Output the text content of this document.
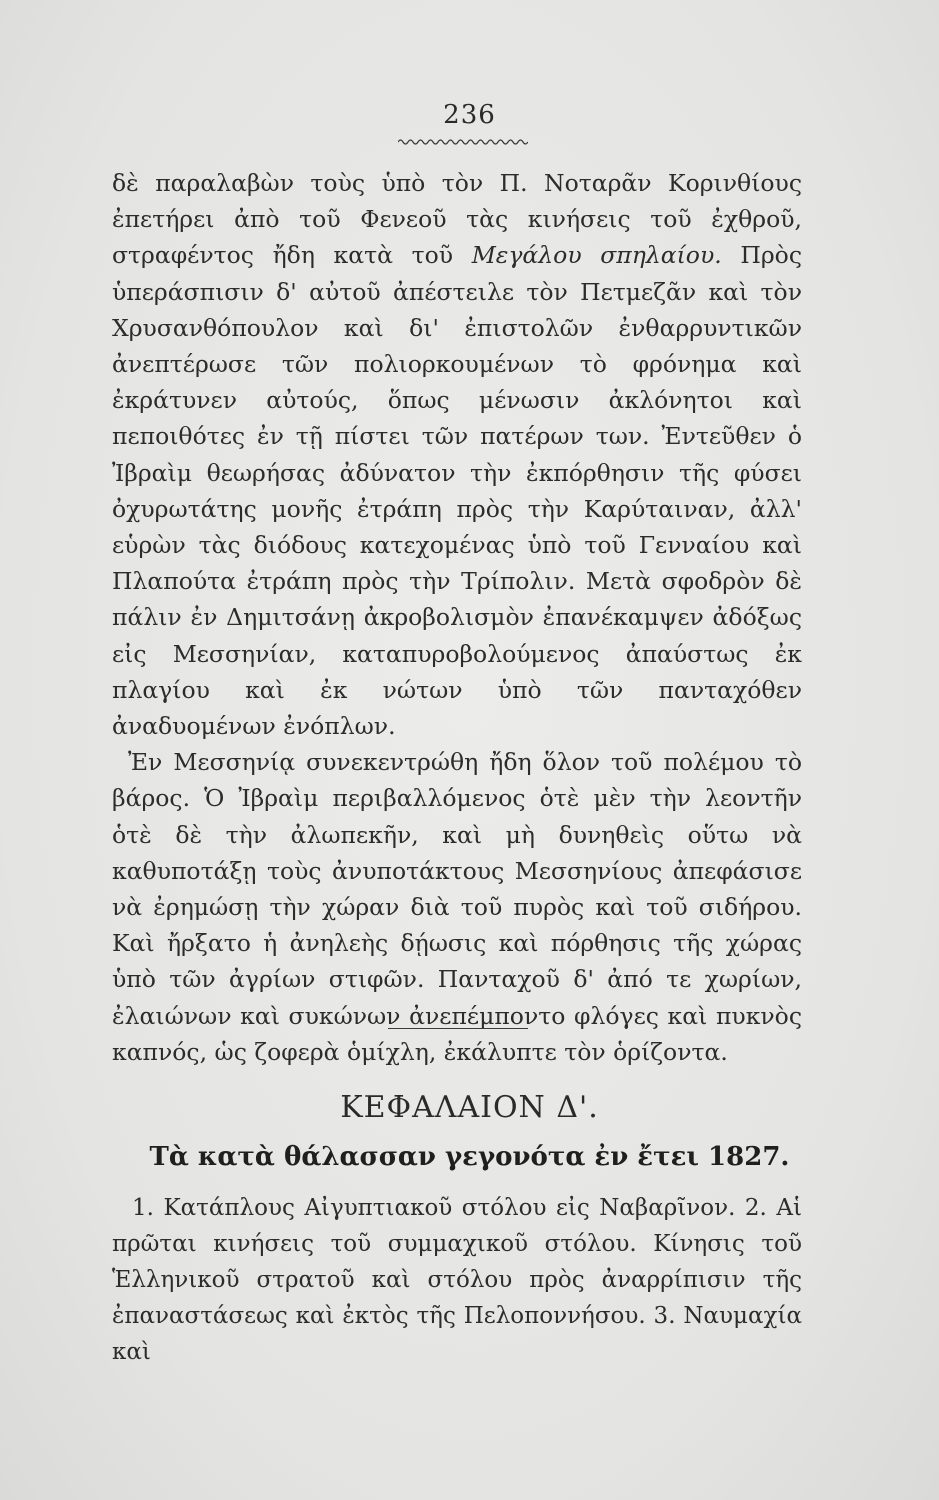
236

δὲ παραλαβὼν τοὺς ὑπὸ τὸν Π. Νοταρᾶν Κορινθίους ἐπετήρει ἀπὸ τοῦ Φενεοῦ τὰς κινήσεις τοῦ ἐχθροῦ, στραφέντος ἤδη κατὰ τοῦ Μεγάλου σπηλαίου. Πρὸς ὑπεράσπισιν δ' αὐτοῦ ἀπέστειλε τὸν Πετμεζᾶν καὶ τὸν Χρυσανθόπουλον καὶ δι' ἐπιστολῶν ἐνθαρρυντικῶν ἀνεπτέρωσε τῶν πολιορκουμένων τὸ φρόνημα καὶ ἐκράτυνεν αὐτούς, ὅπως μένωσιν ἀκλόνητοι καὶ πεποιθότες ἐν τῇ πίστει τῶν πατέρων των. Ἐντεῦθεν ὁ Ἰβραὶμ θεωρήσας ἀδύνατον τὴν ἐκπόρθησιν τῆς φύσει ὀχυρωτάτης μονῆς ἐτράπη πρὸς τὴν Καρύταιναν, ἀλλ' εὑρὼν τὰς διόδους κατεχομένας ὑπὸ τοῦ Γενναίου καὶ Πλαπούτα ἐτράπη πρὸς τὴν Τρίπολιν. Μετὰ σφοδρὸν δὲ πάλιν ἐν Δημιτσάνῃ ἀκροβολισμὸν ἐπανέκαμψεν ἀδόξως εἰς Μεσσηνίαν, καταπυροβολούμενος ἀπαύστως ἐκ πλαγίου καὶ ἐκ νώτων ὑπὸ τῶν πανταχόθεν ἀναδυομένων ἐνόπλων.

Ἐν Μεσσηνίᾳ συνεκεντρώθη ἤδη ὅλον τοῦ πολέμου τὸ βάρος. Ὁ Ἰβραὶμ περιβαλλόμενος ὁτὲ μὲν τὴν λεοντῆν ὁτὲ δὲ τὴν ἀλωπεκῆν, καὶ μὴ δυνηθεὶς οὕτω νὰ καθυποτάξῃ τοὺς ἀνυποτάκτους Μεσσηνίους ἀπεφάσισε νὰ ἐρημώσῃ τὴν χώραν διὰ τοῦ πυρὸς καὶ τοῦ σιδήρου. Καὶ ἤρξατο ἡ ἀνηλεὴς δῄωσις καὶ πόρθησις τῆς χώρας ὑπὸ τῶν ἀγρίων στιφῶν. Πανταχοῦ δ' ἀπό τε χωρίων, ἐλαιώνων καὶ συκώνων ἀνεπέμποντο φλόγες καὶ πυκνὸς καπνός, ὡς ζοφερὰ ὁμίχλη, ἐκάλυπτε τὸν ὁρίζοντα.

ΚΕΦΑΛΑΙΟΝ Δ'.
Τὰ κατὰ θάλασσαν γεγονότα ἐν ἔτει 1827.

1. Κατάπλους Αἰγυπτιακοῦ στόλου εἰς Ναβαρῖνον. 2. Αἱ πρῶται κινήσεις τοῦ συμμαχικοῦ στόλου. Κίνησις τοῦ Ἑλληνικοῦ στρατοῦ καὶ στόλου πρὸς ἀναρρίπισιν τῆς ἐπαναστάσεως καὶ ἐκτὸς τῆς Πελοποννήσου. 3. Ναυμαχία καὶ
